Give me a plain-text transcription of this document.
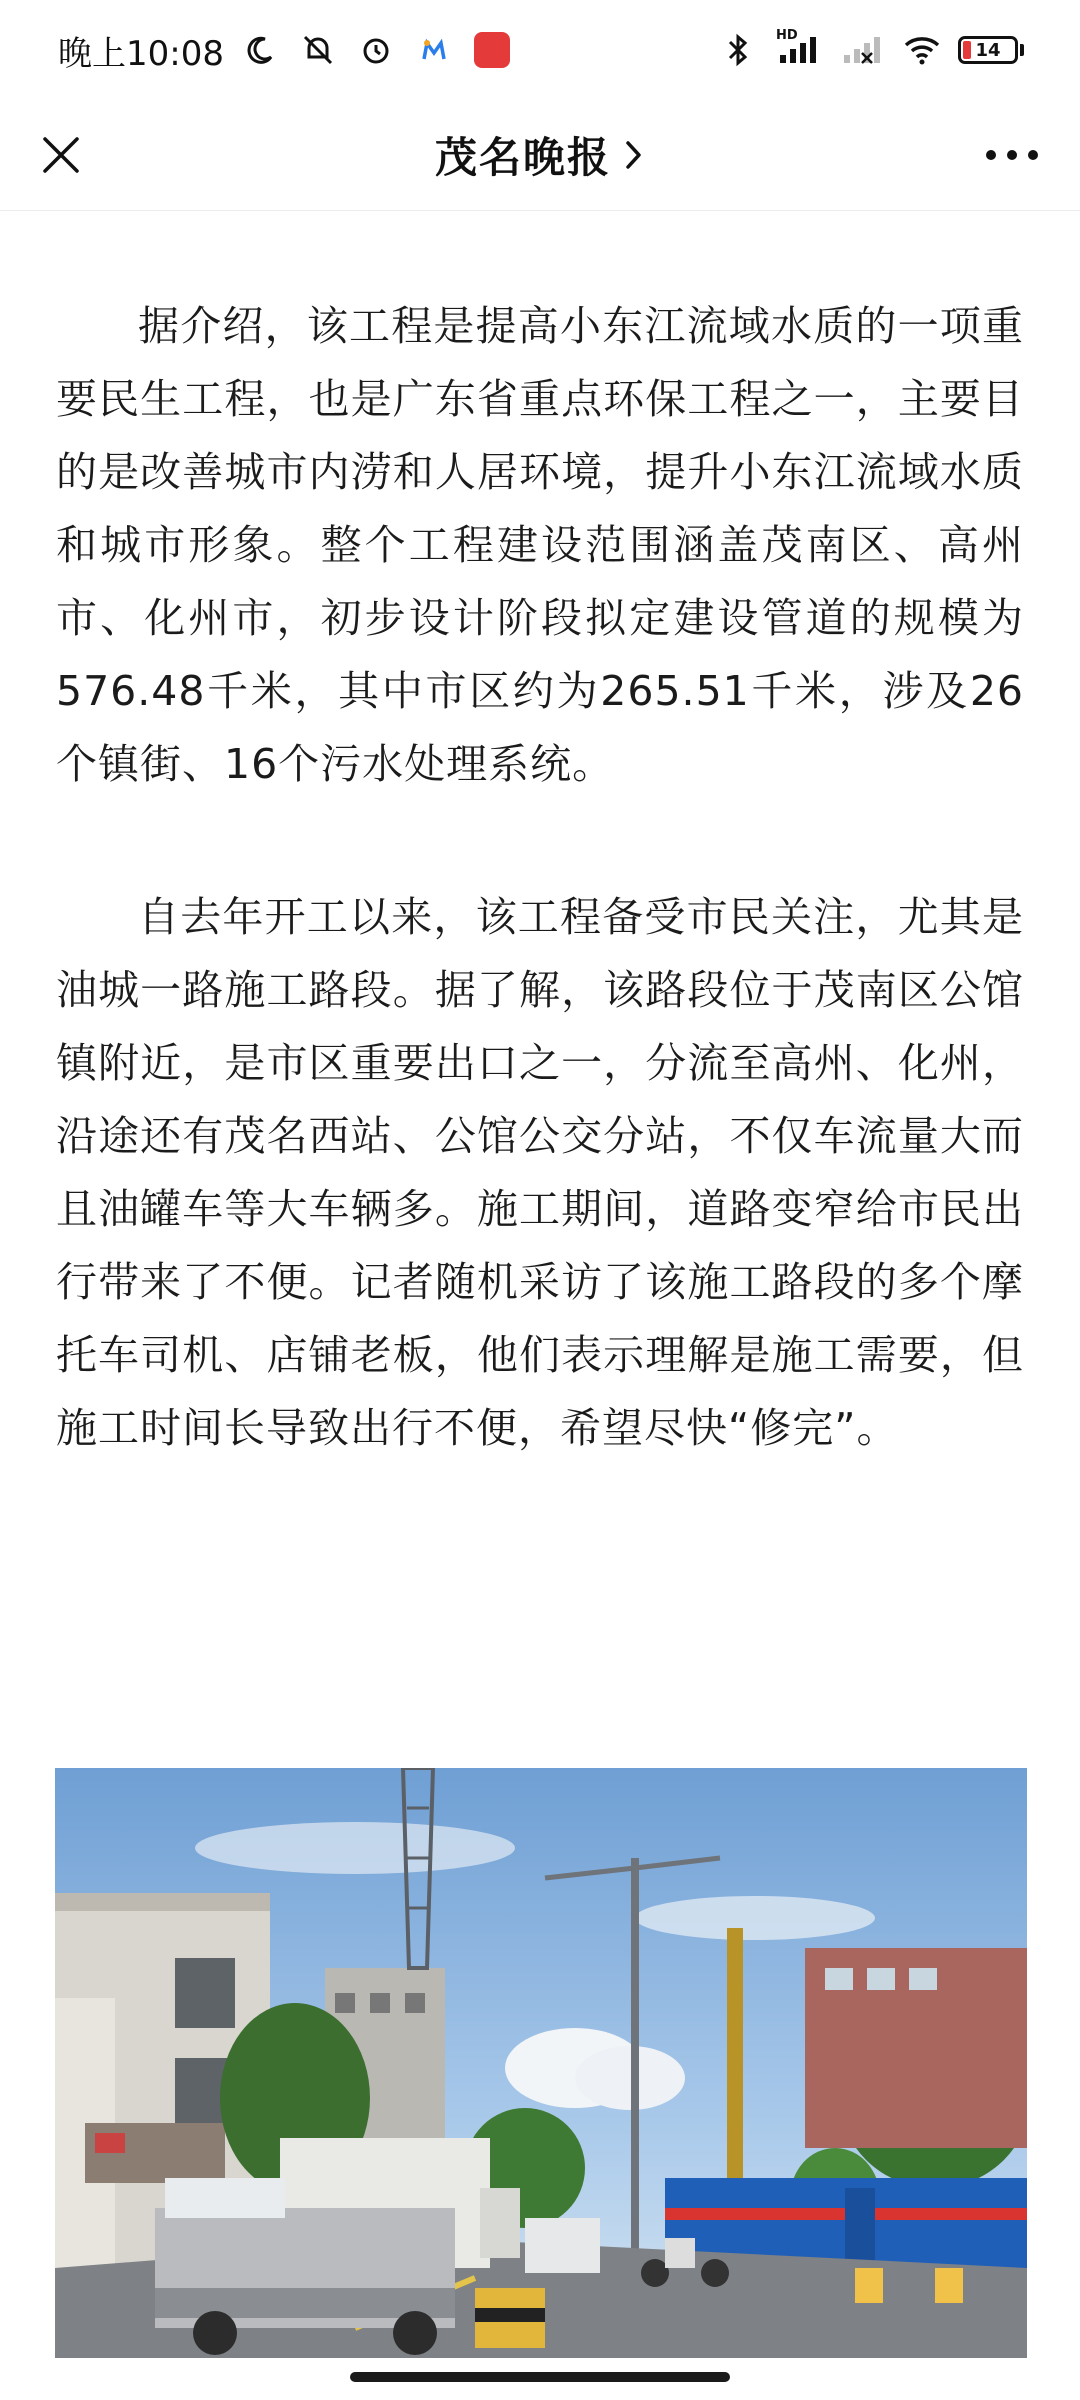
晚上10:08	HD
14
茂名晚报

据介绍，该工程是提高小东江流域水质的一项重要民生工程，也是广东省重点环保工程之一，主要目的是改善城市内涝和人居环境，提升小东江流域水质和城市形象。整个工程建设范围涵盖茂南区、高州市、化州市，初步设计阶段拟定建设管道的规模为576.48千米，其中市区约为265.51千米，涉及26个镇街、16个污水处理系统。

自去年开工以来，该工程备受市民关注，尤其是油城一路施工路段。据了解，该路段位于茂南区公馆镇附近，是市区重要出口之一，分流至高州、化州，沿途还有茂名西站、公馆公交分站，不仅车流量大而且油罐车等大车辆多。施工期间，道路变窄给市民出行带来了不便。记者随机采访了该施工路段的多个摩托车司机、店铺老板，他们表示理解是施工需要，但施工时间长导致出行不便，希望尽快“修完”。
